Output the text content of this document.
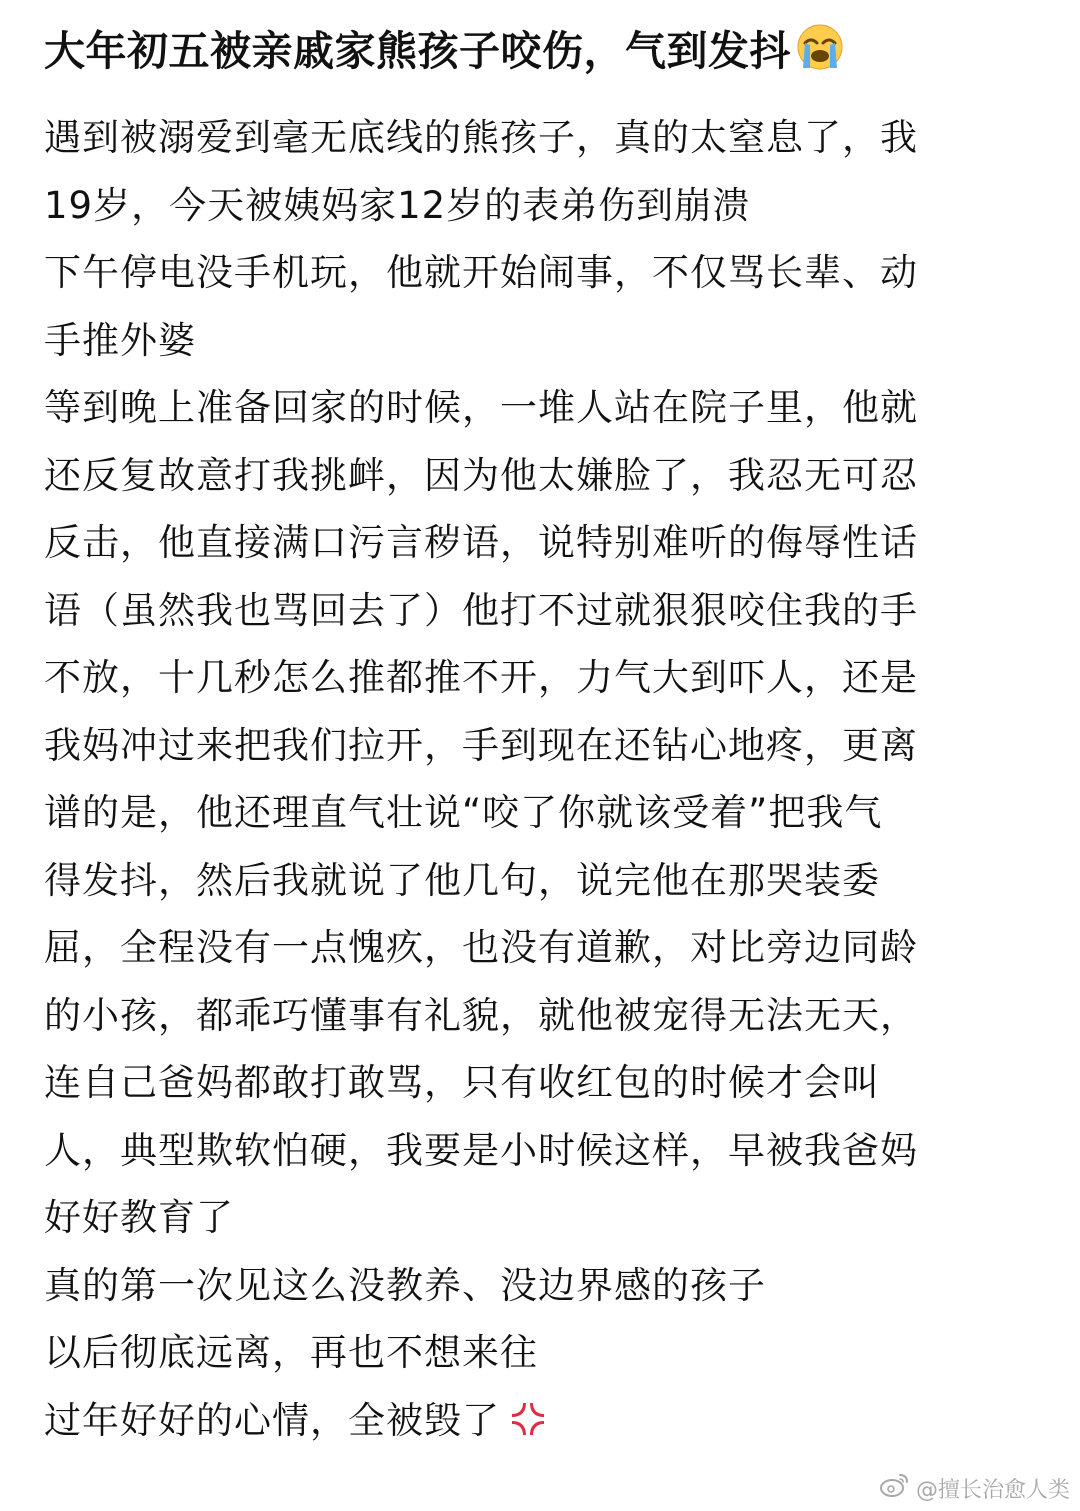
大年初五被亲戚家熊孩子咬伤，气到发抖
遇到被溺爱到毫无底线的熊孩子，真的太窒息了，我
19岁，今天被姨妈家12岁的表弟伤到崩溃
下午停电没手机玩，他就开始闹事，不仅骂长辈、动
手推外婆
等到晚上准备回家的时候，一堆人站在院子里，他就
还反复故意打我挑衅，因为他太嫌脸了，我忍无可忍
反击，他直接满口污言秽语，说特别难听的侮辱性话
语（虽然我也骂回去了）他打不过就狠狠咬住我的手
不放，十几秒怎么推都推不开，力气大到吓人，还是
我妈冲过来把我们拉开，手到现在还钻心地疼，更离
谱的是，他还理直气壮说“咬了你就该受着”把我气
得发抖，然后我就说了他几句，说完他在那哭装委
屈，全程没有一点愧疚，也没有道歉，对比旁边同龄
的小孩，都乖巧懂事有礼貌，就他被宠得无法无天，
连自己爸妈都敢打敢骂，只有收红包的时候才会叫
人，典型欺软怕硬，我要是小时候这样，早被我爸妈
好好教育了
真的第一次见这么没教养、没边界感的孩子
以后彻底远离，再也不想来往
过年好好的心情，全被毁了
@擅长治愈人类
